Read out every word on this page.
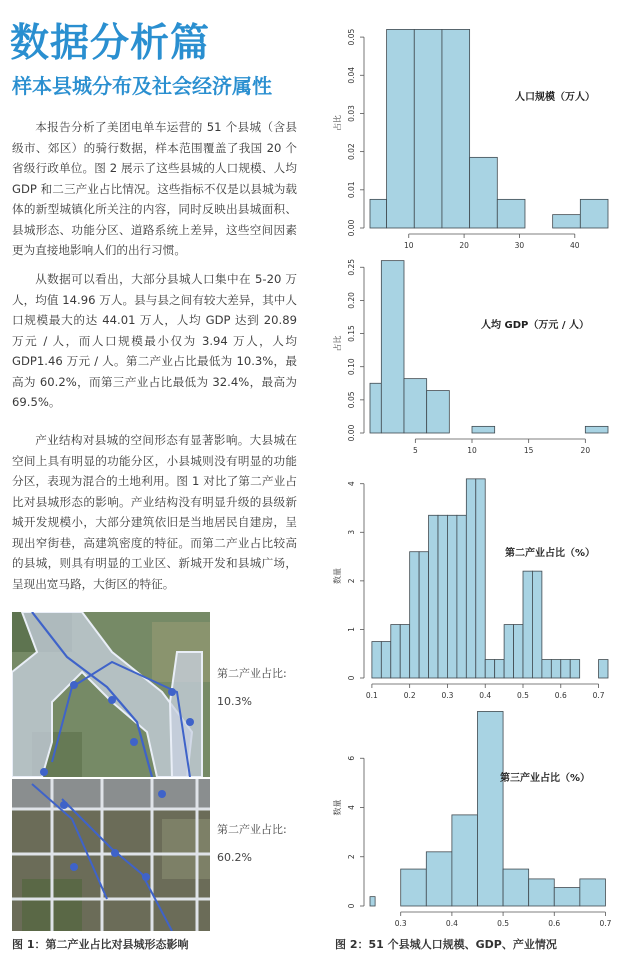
数据分析篇
样本县城分布及社会经济属性

本报告分析了美团电单车运营的 51 个县城（含县级市、郊区）的骑行数据，样本范围覆盖了我国 20 个省级行政单位。图 2 展示了这些县城的人口规模、人均 GDP 和二三产业占比情况。这些指标不仅是以县城为载体的新型城镇化所关注的内容，同时反映出县城面积、县城形态、功能分区、道路系统上差异，这些空间因素更为直接地影响人们的出行习惯。

从数据可以看出，大部分县城人口集中在 5-20 万人，均值 14.96 万人。县与县之间有较大差异，其中人口规模最大的达 44.01 万人，人均 GDP 达到 20.89 万元 / 人，而人口规模最小仅为 3.94 万人，人均 GDP1.46 万元 / 人。第二产业占比最低为 10.3%，最高为 60.2%，而第三产业占比最低为 32.4%，最高为 69.5%。

产业结构对县城的空间形态有显著影响。大县城在空间上具有明显的功能分区，小县城则没有明显的功能分区，表现为混合的土地利用。图 1 对比了第二产业占比对县城形态的影响。产业结构没有明显升级的县级新城开发规模小，大部分建筑依旧是当地居民自建房，呈现出窄街巷，高建筑密度的特征。而第二产业占比较高的县城，则具有明显的工业区、新城开发和县城广场，呈现出宽马路，大街区的特征。

第二产业占比:
10.3%
第二产业占比:
60.2%
图 1：第二产业占比对县城形态影响	图 2：51 个县城人口规模、GDP、产业情况
0.00
0.01
0.02
0.03
0.04
0.05
10	20	30	40
占比
人口规模（万人）
0.00
0.05
0.10
0.15
0.20
0.25
5	10	15	20
占比
人均 GDP（万元 / 人）
0
1
2
3
4
0.1	0.2	0.3	0.4	0.5	0.6	0.7
数量
第二产业占比（%）
0
2
4
6
0.3	0.4	0.5	0.6	0.7
数量
第三产业占比（%）
